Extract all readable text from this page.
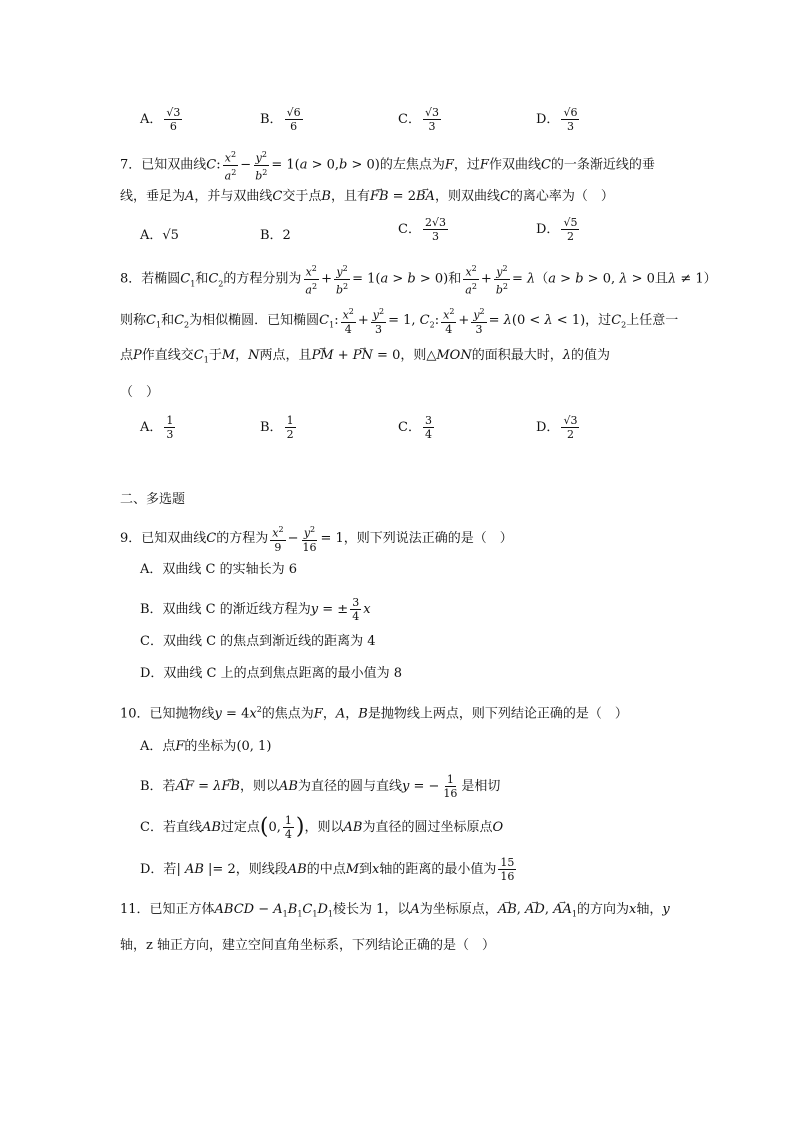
A． $\frac{√3}{6}$	B． $\frac{√6}{6}$	C． $\frac{√3}{3}$	D． $\frac{√6}{3}$
7．已知双曲线C: $\frac{x^2}{a^2} - \frac{y^2}{b^2} = 1(a > 0,b > 0)$的左焦点为F，过F作双曲线C的一条渐近线的垂
线，垂足为A，并与双曲线C交于点B，且有→ FB = 2→ BA，则双曲线C的离心率为（　）
A．√5	B．2	C． $\frac{2√3}{3}$	D． $\frac{√5}{2}$
8．若椭圆$C_1$和$C_2$的方程分别为 $\frac{x^2}{a^2} + \frac{y^2}{b^2} = 1(a > b > 0)$和 $\frac{x^2}{a^2} + \frac{y^2}{b^2} = \lambda(a > b > 0$, λ > 0且λ ≠ 1）
则称$C_1$和$C_2$为相似椭圆．已知椭圆$C_1$: $\frac{x^2}{4} + \frac{y^2}{3} = 1$, $C_2$: $\frac{x^2}{4} + \frac{y^2}{3} = \lambda(0 < \lambda < 1)$，过$C_2$上任意一
点P作直线交$C_1$于M，N两点，且→ PM + → PN = 0，则△MON的面积最大时，λ的值为
（　）
A． $\frac{1}{3}$	B． $\frac{1}{2}$	C． $\frac{3}{4}$	D． $\frac{√3}{2}$
二、多选题
9．已知双曲线C的方程为 $\frac{x^2}{9} - \frac{y^2}{16} = 1$，则下列说法正确的是（　）
A．双曲线 C 的实轴长为 6
B．双曲线 C 的渐近线方程为y = ± $\frac{3}{4}$ x
C．双曲线 C 的焦点到渐近线的距离为 4
D．双曲线 C 上的点到焦点距离的最小值为 8
10．已知抛物线$y = 4x^2$的焦点为F，A，B是抛物线上两点，则下列结论正确的是（　）
A．点F的坐标为(0, 1)
B．若→ AF = λ→ FB，则以AB为直径的圆与直线y = − $\frac{1}{16}$ 是相切
C．若直线AB过定点(0, $\frac{1}{4}$ )，则以AB为直径的圆过坐标原点O
D．若| AB |= 2，则线段AB的中点M到x轴的距离的最小值为 $\frac{15}{16}$
11．已知正方体ABCD − $A_1B_1C_1D_1$棱长为 1，以A为坐标原点，→ AB, → AD, → $AA_1$的方向为x轴，y
轴，z 轴正方向，建立空间直角坐标系，下列结论正确的是（　）
